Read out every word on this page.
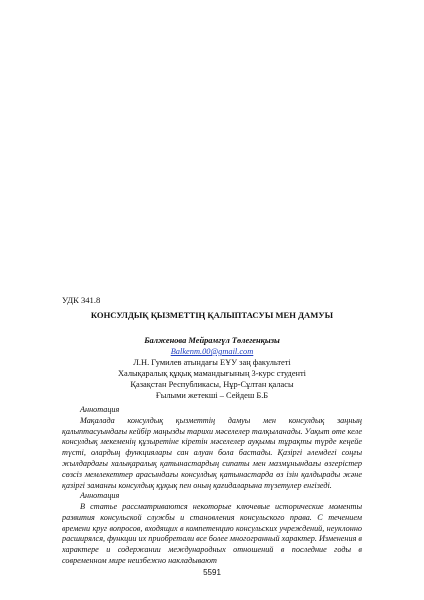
УДК 341.8
КОНСУЛДЫҚ ҚЫЗМЕТТІҢ ҚАЛЫПТАСУЫ МЕН ДАМУЫ
Балженова Мейрамгүл Төлегенқызы
Balkenm.00@gmail.com
Л.Н. Гумилев атындағы ЕҰУ заң факультеті
Халықаралық құқық мамандығының 3-курс студенті
Қазақстан Республикасы, Нұр-Сұлтан қаласы
Ғылыми жетекші – Сейдеш Б.Б
Аннотация

Мақалада консулдық қызметтің дамуы мен консулдық заңның қалыптасуындағы кейбір маңызды тарихи мәселелер талқыланады. Уақыт өте келе консулдық мекеменің құзыретіне кіретін мәселелер ауқымы тұрақты түрде кеңейе түсті, олардың функциялары сан алуан бола бастады. Қазіргі әлемдегі соңғы жылдардағы халықаралық қатынастардың сипаты мен мазмұнындағы өзгерістер сөзсіз мемлекеттер арасындағы консулдық қатынастарда өз ізін қалдырады және қазіргі заманғы консулдық құқық пен оның қағидаларына түзетулер енгізеді.

Аннотация

В статье рассматриваются некоторые ключевые исторические моменты развития консульской службы и становления консульского права. С течением времени круг вопросов, входящих в компетенцию консульских учреждений, неуклонно расширялся, функции их приобретали все более многогранный характер. Изменения в характере и содержании международных отношений в последние годы в современном мире неизбежно накладывают

5591
